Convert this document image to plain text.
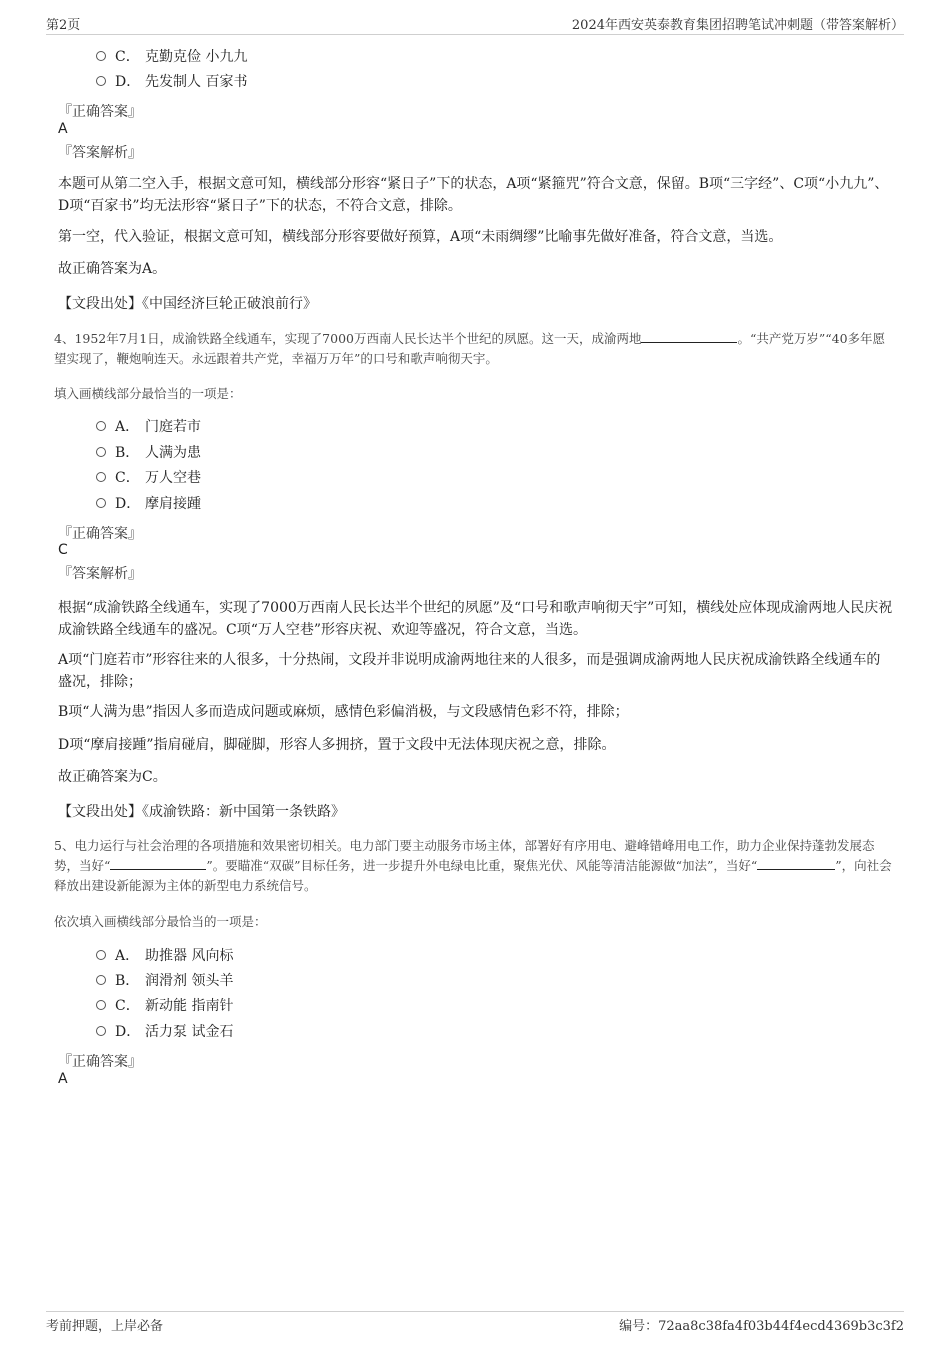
第2页	2024年西安英泰教育集团招聘笔试冲刺题（带答案解析）
C． 克勤克俭 小九九
D． 先发制人 百家书
『正确答案』
A
『答案解析』
本题可从第二空入手，根据文意可知，横线部分形容“紧日子”下的状态，A项“紧箍咒”符合文意，保留。B项“三字经”、C项“小九九”、D项“百家书”均无法形容“紧日子”下的状态，不符合文意，排除。
第一空，代入验证，根据文意可知，横线部分形容要做好预算，A项“未雨绸缪”比喻事先做好准备，符合文意，当选。
故正确答案为A。
【文段出处】《中国经济巨轮正破浪前行》
4、1952年7月1日，成渝铁路全线通车，实现了7000万西南人民长达半个世纪的夙愿。这一天，成渝两地	。“共产党万岁”“40多年愿望实现了，鞭炮响连天。永远跟着共产党，幸福万万年”的口号和歌声响彻天宇。
填入画横线部分最恰当的一项是：
A． 门庭若市
B． 人满为患
C． 万人空巷
D． 摩肩接踵
『正确答案』
C
『答案解析』
根据“成渝铁路全线通车，实现了7000万西南人民长达半个世纪的夙愿”及“口号和歌声响彻天宇”可知，横线处应体现成渝两地人民庆祝成渝铁路全线通车的盛况。C项“万人空巷”形容庆祝、欢迎等盛况，符合文意，当选。
A项“门庭若市”形容往来的人很多，十分热闹，文段并非说明成渝两地往来的人很多，而是强调成渝两地人民庆祝成渝铁路全线通车的盛况，排除；
B项“人满为患”指因人多而造成问题或麻烦，感情色彩偏消极，与文段感情色彩不符，排除；
D项“摩肩接踵”指肩碰肩，脚碰脚，形容人多拥挤，置于文段中无法体现庆祝之意，排除。
故正确答案为C。
【文段出处】《成渝铁路：新中国第一条铁路》
5、电力运行与社会治理的各项措施和效果密切相关。电力部门要主动服务市场主体，部署好有序用电、避峰错峰用电工作，助力企业保持蓬勃发展态势，当好“	”。要瞄准“双碳”目标任务，进一步提升外电绿电比重，聚焦光伏、风能等清洁能源做“加法”，当好“	”，向社会释放出建设新能源为主体的新型电力系统信号。
依次填入画横线部分最恰当的一项是：
A． 助推器 风向标
B． 润滑剂 领头羊
C． 新动能 指南针
D． 活力泵 试金石
『正确答案』
A
考前押题，上岸必备	编号：72aa8c38fa4f03b44f4ecd4369b3c3f2
